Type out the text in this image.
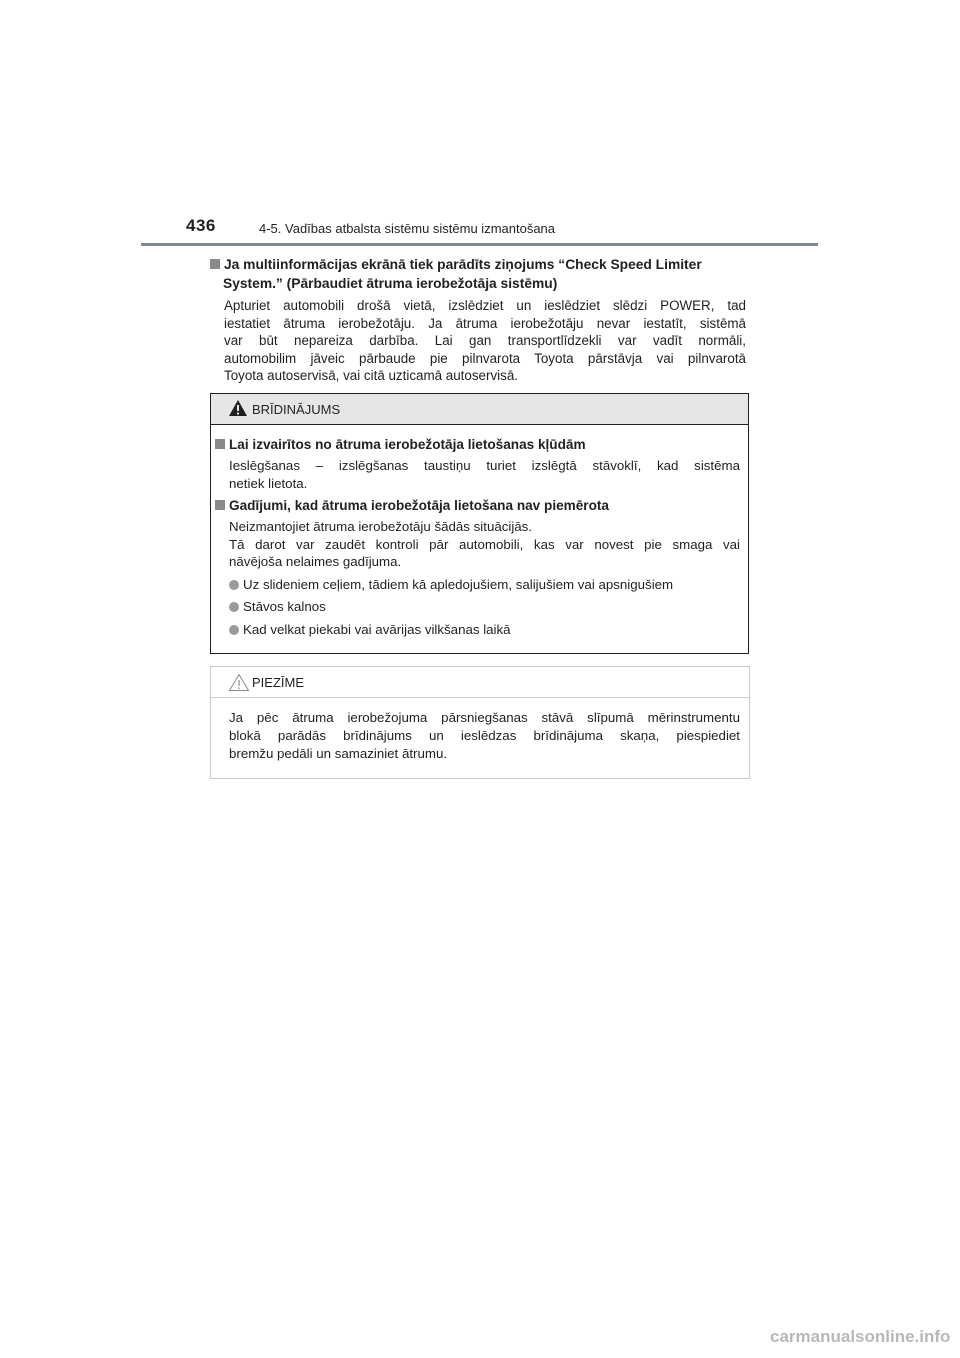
436	4-5. Vadības atbalsta sistēmu sistēmu izmantošana
Ja multiinformācijas ekrānā tiek parādīts ziņojums “Check Speed Limiter
System.” (Pārbaudiet ātruma ierobežotāja sistēmu)
Apturiet automobili drošā vietā, izslēdziet un ieslēdziet slēdzi POWER, tad
iestatiet ātruma ierobežotāju. Ja ātruma ierobežotāju nevar iestatīt, sistēmā
var būt nepareiza darbība. Lai gan transportlīdzekli var vadīt normāli,
automobilim jāveic pārbaude pie pilnvarota Toyota pārstāvja vai pilnvarotā
Toyota autoservisā, vai citā uzticamā autoservisā.
BRĪDINĀJUMS
Lai izvairītos no ātruma ierobežotāja lietošanas kļūdām
Ieslēgšanas – izslēgšanas taustiņu turiet izslēgtā stāvoklī, kad sistēma
netiek lietota.
Gadījumi, kad ātruma ierobežotāja lietošana nav piemērota
Neizmantojiet ātruma ierobežotāju šādās situācijās.
Tā darot var zaudēt kontroli pār automobili, kas var novest pie smaga vai
nāvējoša nelaimes gadījuma.
Uz slideniem ceļiem, tādiem kā apledojušiem, salijušiem vai apsnigušiem
Stāvos kalnos
Kad velkat piekabi vai avārijas vilkšanas laikā
PIEZĪME
Ja pēc ātruma ierobežojuma pārsniegšanas stāvā slīpumā mērinstrumentu
blokā parādās brīdinājums un ieslēdzas brīdinājuma skaņa, piespiediet
bremžu pedāli un samaziniet ātrumu.
carmanualsonline.info
